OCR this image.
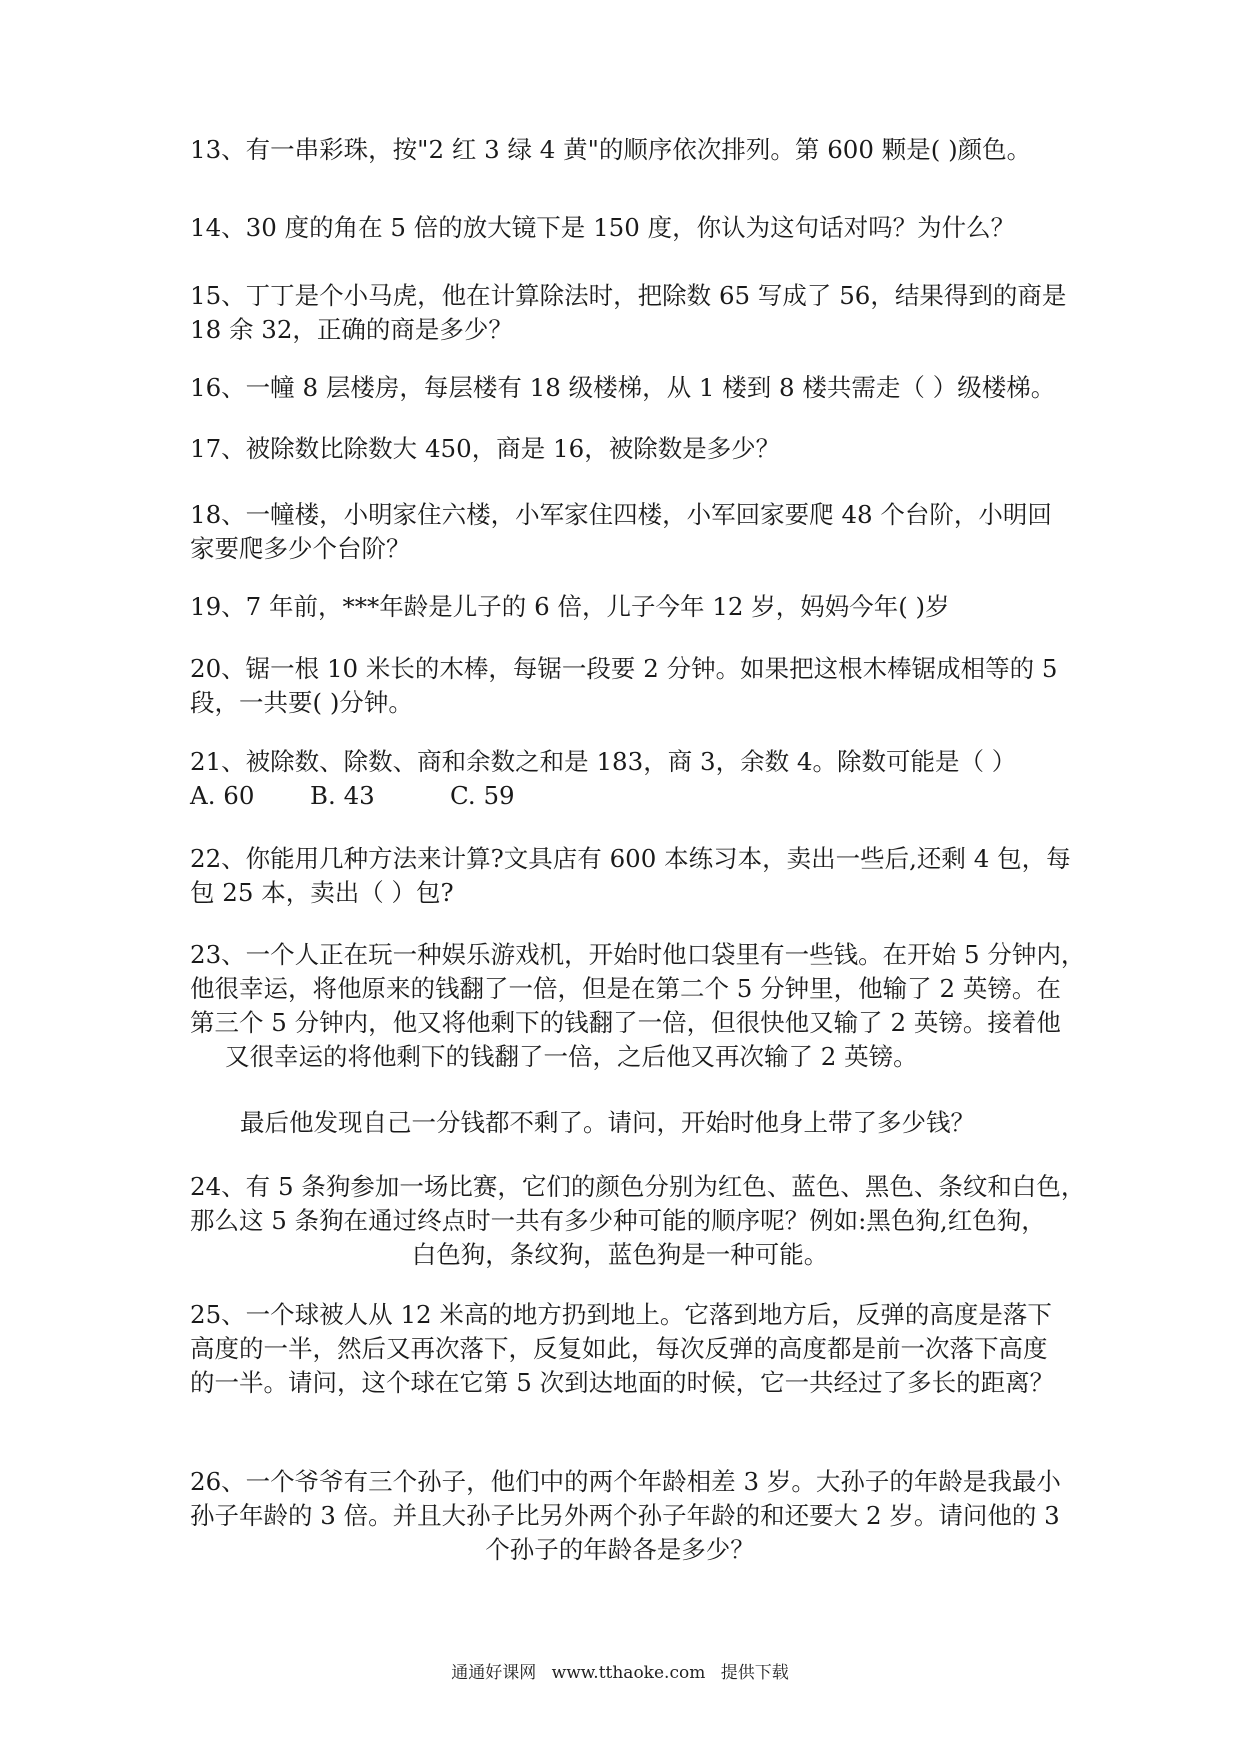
13、有一串彩珠，按"2 红 3 绿 4 黄"的顺序依次排列。第 600 颗是( )颜色。
14、30 度的角在 5 倍的放大镜下是 150 度，你认为这句话对吗？为什么？
15、丁丁是个小马虎，他在计算除法时，把除数 65 写成了 56，结果得到的商是
18 余 32，正确的商是多少？
16、一幢 8 层楼房，每层楼有 18 级楼梯，从 1 楼到 8 楼共需走（ ）级楼梯。
17、被除数比除数大 450，商是 16，被除数是多少？
18、一幢楼，小明家住六楼，小军家住四楼，小军回家要爬 48 个台阶，小明回
家要爬多少个台阶？
19、7 年前，***年龄是儿子的 6 倍，儿子今年 12 岁，妈妈今年( )岁
20、锯一根 10 米长的木棒，每锯一段要 2 分钟。如果把这根木棒锯成相等的 5
段，一共要( )分钟。
21、被除数、除数、商和余数之和是 183，商 3，余数 4。除数可能是（ ）
A. 60 B. 43	C. 59
22、你能用几种方法来计算?文具店有 600 本练习本，卖出一些后,还剩 4 包，每
包 25 本，卖出（ ）包?
23、一个人正在玩一种娱乐游戏机，开始时他口袋里有一些钱。在开始 5 分钟内，
他很幸运，将他原来的钱翻了一倍，但是在第二个 5 分钟里，他输了 2 英镑。在
第三个 5 分钟内，他又将他剩下的钱翻了一倍，但很快他又输了 2 英镑。接着他
又很幸运的将他剩下的钱翻了一倍，之后他又再次输了 2 英镑。
最后他发现自己一分钱都不剩了。请问，开始时他身上带了多少钱？
24、有 5 条狗参加一场比赛，它们的颜色分别为红色、蓝色、黑色、条纹和白色，
那么这 5 条狗在通过终点时一共有多少种可能的顺序呢？例如:黑色狗,红色狗，
白色狗，条纹狗，蓝色狗是一种可能。
25、一个球被人从 12 米高的地方扔到地上。它落到地方后，反弹的高度是落下
高度的一半，然后又再次落下，反复如此，每次反弹的高度都是前一次落下高度
的一半。请问，这个球在它第 5 次到达地面的时候，它一共经过了多长的距离？
26、一个爷爷有三个孙子，他们中的两个年龄相差 3 岁。大孙子的年龄是我最小
孙子年龄的 3 倍。并且大孙子比另外两个孙子年龄的和还要大 2 岁。请问他的 3
个孙子的年龄各是多少？
通通好课网 www.tthaoke.com 提供下载
